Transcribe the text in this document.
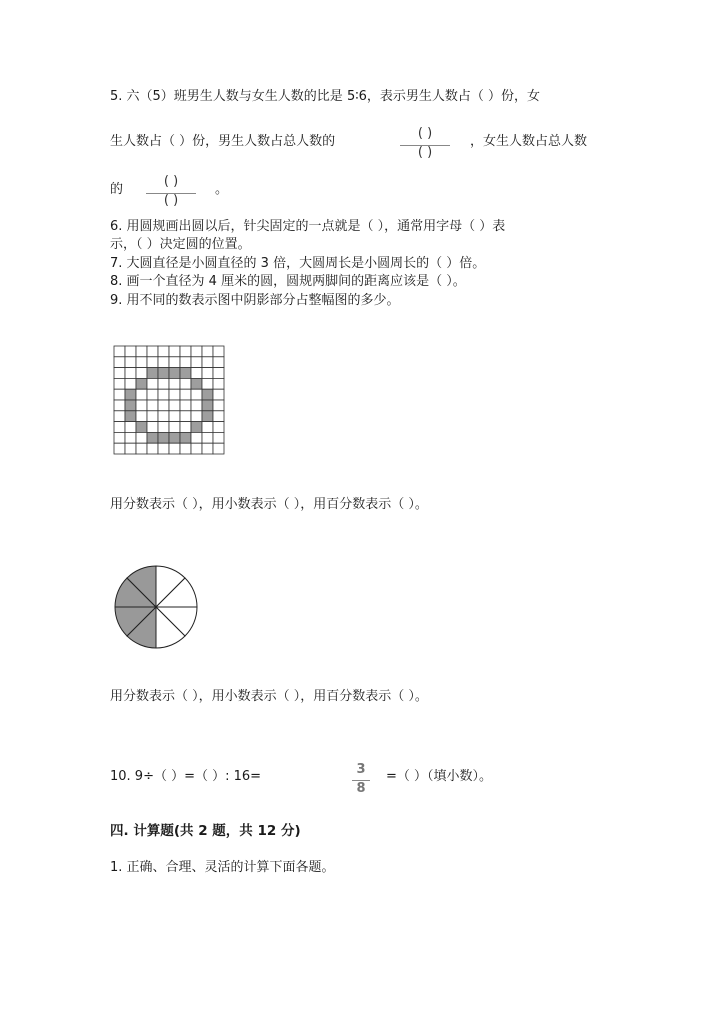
5. 六（5）班男生人数与女生人数的比是 5∶6，表示男生人数占（ ）份，女
生人数占（ ）份，男生人数占总人数的
( )
( )
，女生人数占总人数
的
( )
( )
。
6. 用圆规画出圆以后，针尖固定的一点就是（ ），通常用字母（ ）表
示，（ ）决定圆的位置。
7. 大圆直径是小圆直径的 3 倍，大圆周长是小圆周长的（ ）倍。
8. 画一个直径为 4 厘米的圆，圆规两脚间的距离应该是（ ）。
9. 用不同的数表示图中阴影部分占整幅图的多少。
用分数表示（ ），用小数表示（ ），用百分数表示（ ）。
用分数表示（ ），用小数表示（ ），用百分数表示（ ）。
10. 9÷（ ）=（ ）: 16=	3
8
=（ ）（填小数）。
四. 计算题(共 2 题，共 12 分)
1. 正确、合理、灵活的计算下面各题。
